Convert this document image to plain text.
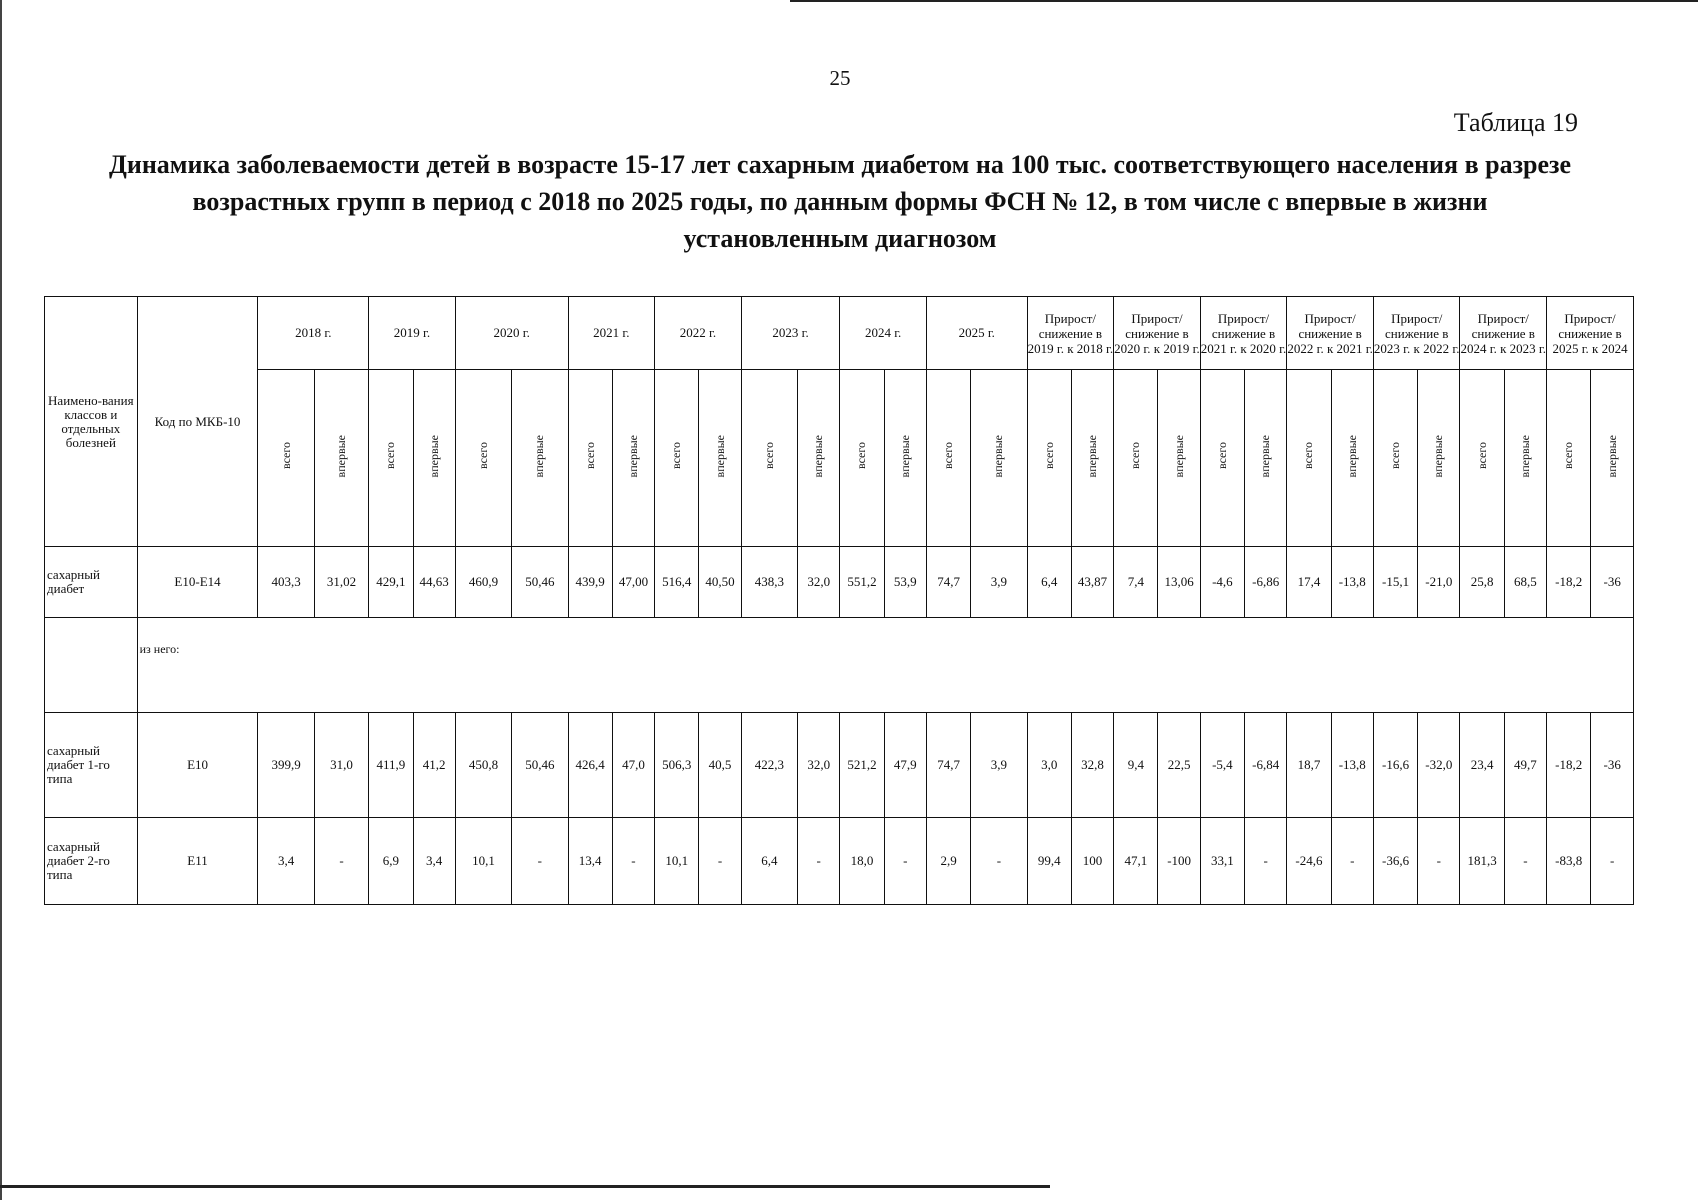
25
Таблица 19
Динамика заболеваемости детей в возрасте 15-17 лет сахарным диабетом на 100 тыс. соответствующего населения в разрезе возрастных групп в период с 2018 по 2025 годы, по данным формы ФСН № 12, в том числе с впервые в жизни установленным диагнозом
Наимено-вания классов и отдельных болезней	Код по МКБ-10	2018 г.		2019 г.		2020 г.		2021 г.		2022 г.		2023 г.		2024 г.		2025 г.		Прирост/ снижение в 2019 г. к 2018 г.		Прирост/ снижение в 2020 г. к 2019 г.		Прирост/ снижение в 2021 г. к 2020 г.		Прирост/ снижение в 2022 г. к 2021 г.		Прирост/ снижение в 2023 г. к 2022 г.		Прирост/ снижение в 2024 г. к 2023 г.		Прирост/ снижение в 2025 г. к 2024	
		всего	впервые	всего	впервые	всего	впервые	всего	впервые	всего	впервые	всего	впервые	всего	впервые	всего	впервые	всего	впервые	всего	впервые	всего	впервые	всего	впервые	всего	впервые	всего	впервые	всего	впервые
сахарный диабет	E10-E14	403,3	31,02	429,1	44,63	460,9	50,46	439,9	47,00	516,4	40,50	438,3	32,0	551,2	53,9	74,7	3,9	6,4	43,87	7,4	13,06	-4,6	-6,86	17,4	-13,8	-15,1	-21,0	25,8	68,5	-18,2	-36
	из него:																														
сахарный диабет 1-го типа	E10	399,9	31,0	411,9	41,2	450,8	50,46	426,4	47,0	506,3	40,5	422,3	32,0	521,2	47,9	74,7	3,9	3,0	32,8	9,4	22,5	-5,4	-6,84	18,7	-13,8	-16,6	-32,0	23,4	49,7	-18,2	-36
сахарный диабет 2-го типа	E11	3,4	-	6,9	3,4	10,1	-	13,4	-	10,1	-	6,4	-	18,0	-	2,9	-	99,4	100	47,1	-100	33,1	-	-24,6	-	-36,6	-	181,3	-	-83,8	-
